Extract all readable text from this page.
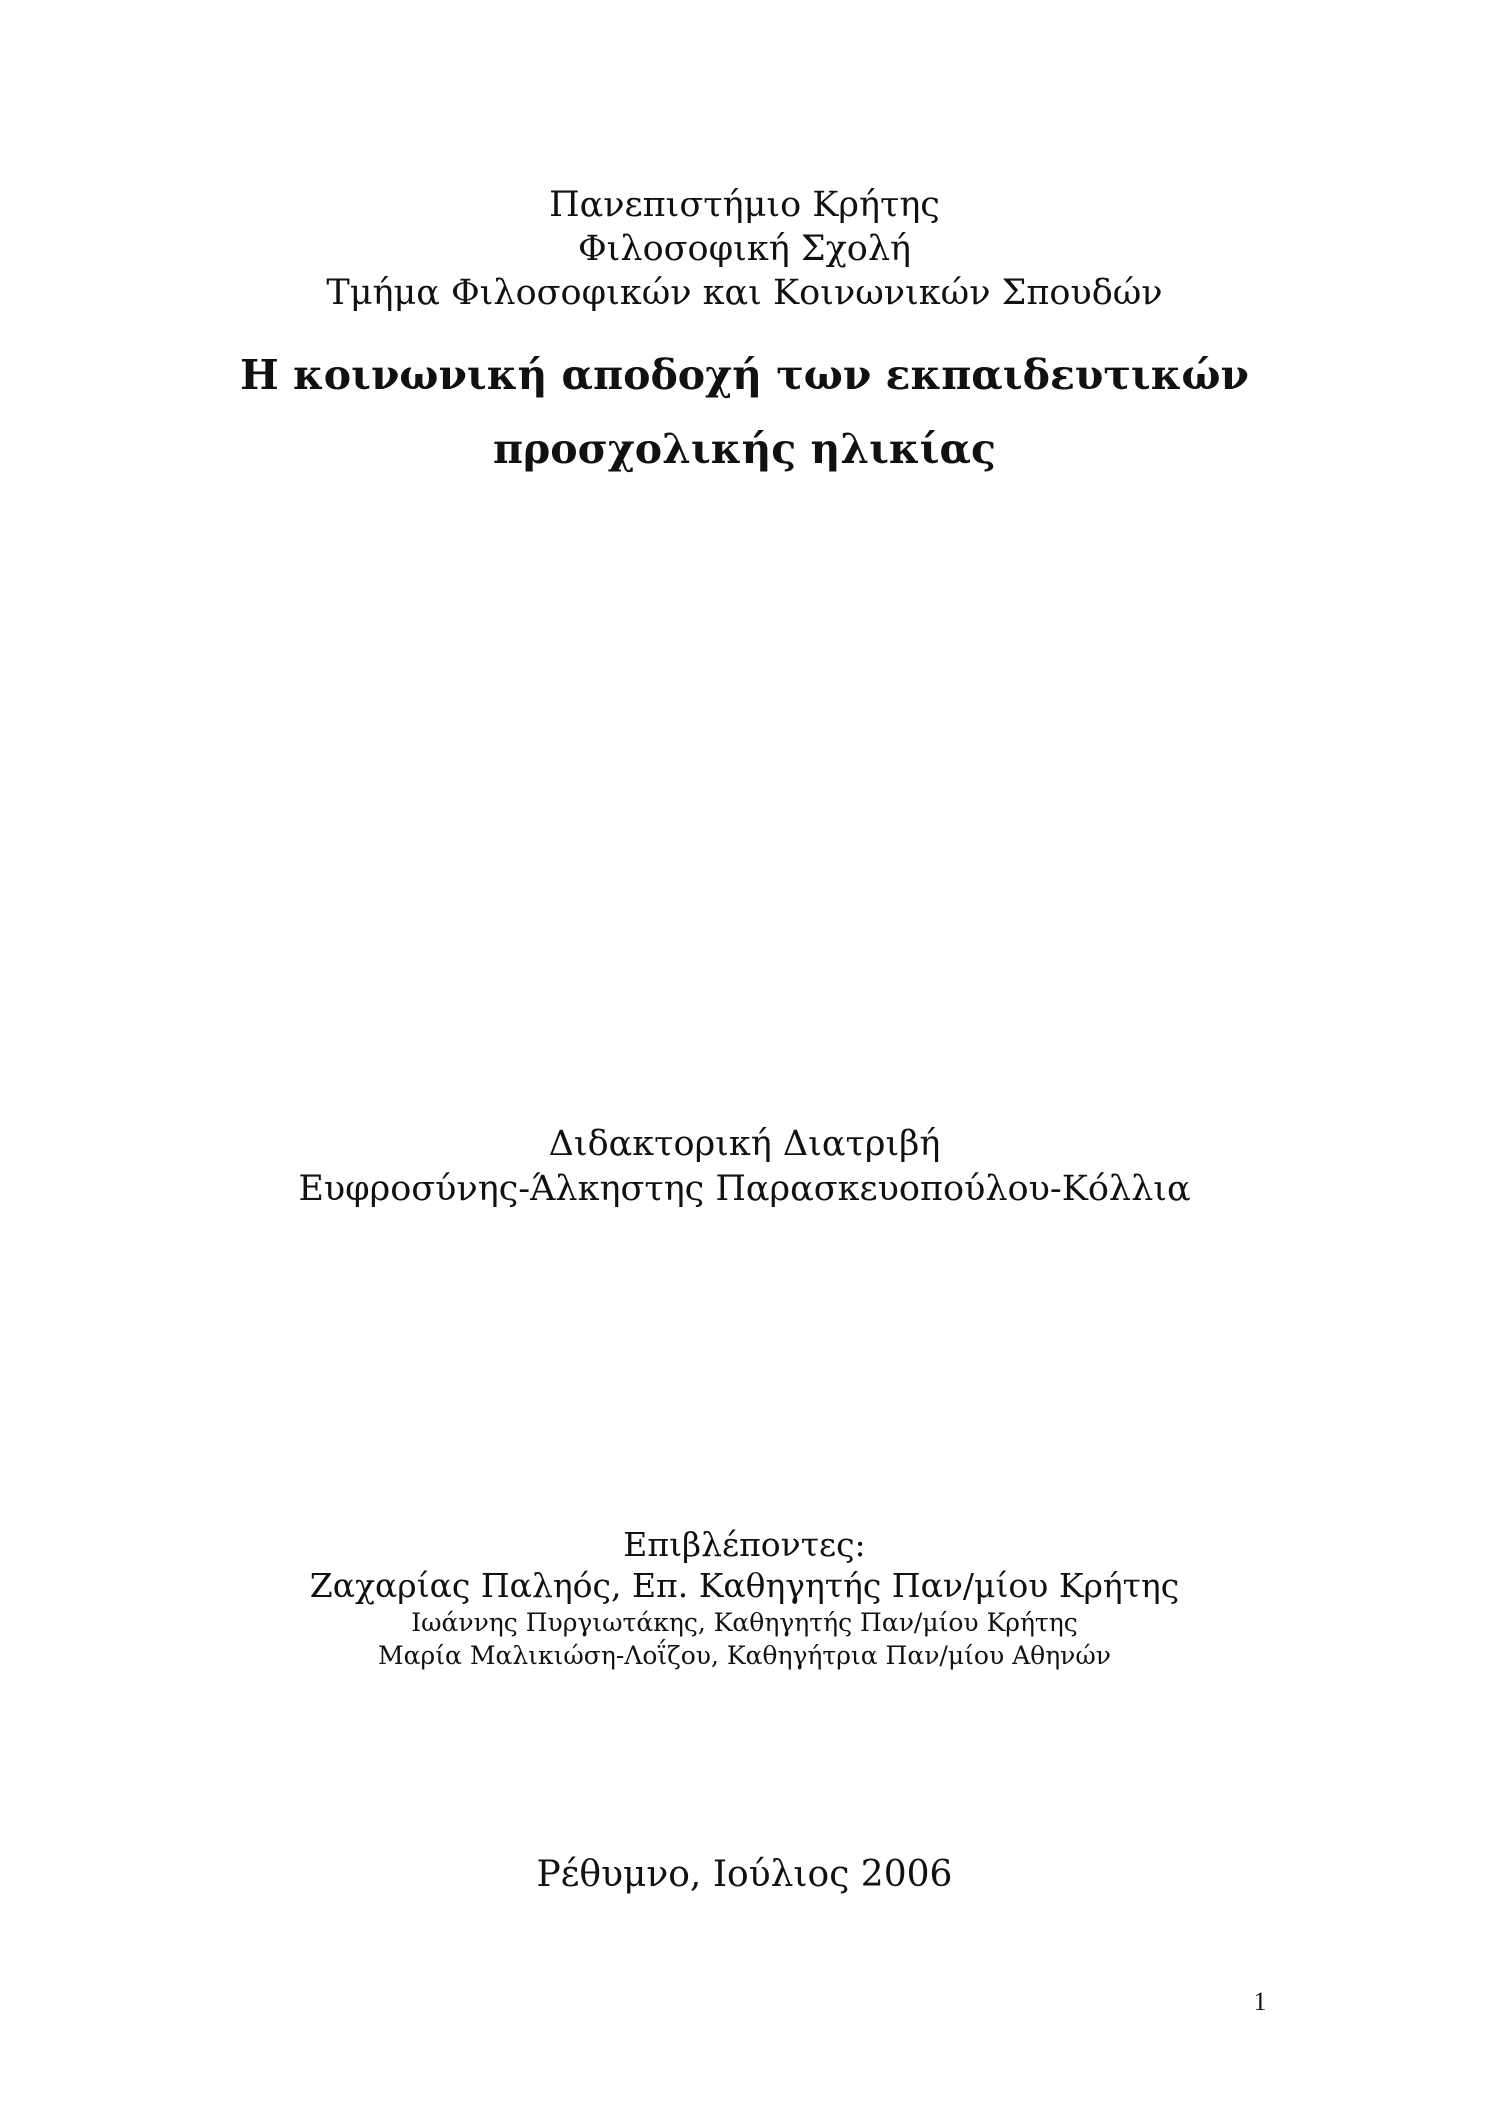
Πανεπιστήμιο Κρήτης
Φιλοσοφική Σχολή
Τμήμα Φιλοσοφικών και Κοινωνικών Σπουδών
Η κοινωνική αποδοχή των εκπαιδευτικών
προσχολικής ηλικίας
Διδακτορική Διατριβή
Ευφροσύνης-Άλκηστης Παρασκευοπούλου-Κόλλια
Επιβλέποντες:
Ζαχαρίας Παληός, Επ. Καθηγητής Παν/μίου Κρήτης
Ιωάννης Πυργιωτάκης, Καθηγητής Παν/μίου Κρήτης
Μαρία Μαλικιώση-Λοΐζου, Καθηγήτρια Παν/μίου Αθηνών
Ρέθυμνο, Ιούλιος 2006
1
